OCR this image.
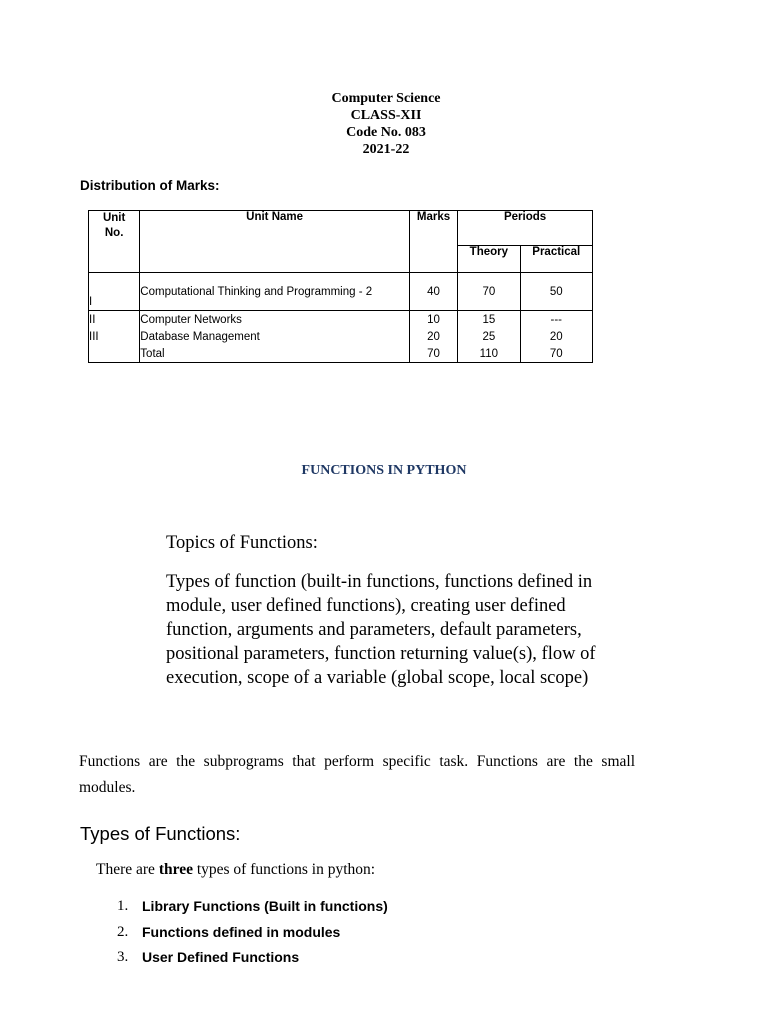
Computer Science
CLASS-XII
Code No. 083
2021-22
Distribution of Marks:
Unit
No.	Unit Name	Marks	Periods	
			Theory	Practical
I	Computational Thinking and Programming - 2	40	70	50
II	Computer Networks	10	15	---
III	Database Management	20	25	20
	Total	70	110	70
FUNCTIONS IN PYTHON
Topics of Functions:
Types of function (built-in functions, functions defined in module, user defined functions), creating user defined function, arguments and parameters, default parameters, positional parameters, function returning value(s), flow of execution, scope of a variable (global scope, local scope)
Functions are the subprograms that perform specific task. Functions are the small modules.
Types of Functions:
There are three types of functions in python:
1. Library Functions (Built in functions)
2. Functions defined in modules
3. User Defined Functions
